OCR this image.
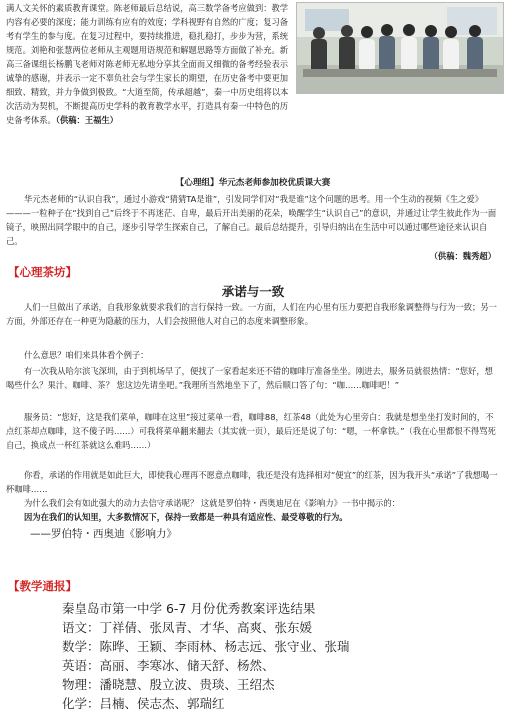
满人文关怀的素质教育课堂。陈老师最后总结说，高三数学备考应做到：教学内容有必要的深度；能力训练有应有的效度；学科视野有自然的广度；复习备考有学生的参与度。在复习过程中，要持续推进，稳扎稳打，步步为营，系统规范。刘艳和张慧两位老师从主观题用语规范和解题思路等方面做了补充。新高三备课组长杨鹏飞老师对陈老师无私地分享其全面而又细微的备考经验表示诚挚的感谢，并表示一定不辜负社会与学生家长的期望，在历史备考中要更加细致、精致，并力争做到极致。“大道至简，传承超越”，秦一中历史组将以本次活动为契机，不断提高历史学科的教育教学水平，打造具有秦一中特色的历史备考体系。（供稿：王福生）

【心理组】华元杰老师参加校优质课大赛

华元杰老师的“认识自我”，通过小游戏“猜猜TA是谁”，引发同学们对“我是谁”这个问题的思考。用一个生动的视频《生之爱》———一粒种子在“找到自己”后终于不再迷茫、自卑，最后开出美丽的花朵，唤醒学生“认识自己”的意识，并通过让学生彼此作为一面镜子，映照出同学眼中的自己，逐步引导学生探索自己，了解自己。最后总结提升，引导归纳出在生活中可以通过哪些途径来认识自己。

（供稿：魏秀超）
【心理茶坊】
承诺与一致

人们一旦做出了承诺，自我形象就要求我们的言行保持一致。一方面，人们在内心里有压力要把自我形象调整得与行为一致；另一方面，外部还存在一种更为隐蔽的压力，人们会按照他人对自己的态度来调整形象。

什么意思？咱们来具体看个例子：

有一次我从哈尔滨飞深圳，由于到机场早了，便找了一家看起来还不错的咖啡厅准备坐坐。刚进去，服务员就很热情：“您好，想喝些什么？果汁、咖啡、茶？ 您这边先请坐吧。”我理所当然地坐下了，然后顺口答了句：“咖……咖啡吧！”

服务员：“您好，这是我们菜单，咖啡在这里”接过菜单一看，咖啡88，红茶48（此处为心里旁白：我就是想坐坐打发时间的，不点红茶却点咖啡，这不傻子吗……）可我将菜单翻来翻去（其实就一页），最后还是说了句：“嗯，一杯拿铁。”（我在心里都恨不得骂死自己，换成点一杯红茶就这么难吗……）

你看，承诺的作用就是如此巨大，即使我心理再不愿意点咖啡，我还是没有选择相对“便宜”的红茶，因为我开头“承诺”了我想喝一杯咖啡……

为什么我们会有如此强大的动力去信守承诺呢？ 这就是罗伯特・西奥迪尼在《影响力》一书中揭示的：

因为在我们的认知里，大多数情况下，保持一致都是一种具有适应性、最受尊敬的行为。

——罗伯特・西奥迪《影响力》
【教学通报】
秦皇岛市第一中学 6-7 月份优秀教案评选结果
语文：丁祥倩、张凤青、才华、高爽、张东媛
数学：陈晔、王颖、李雨林、杨志远、张守业、张瑞
英语：高丽、李寒冰、储天舒、杨然、
物理：潘晓慧、殷立波、贵琰、王绍杰
化学：吕楠、侯志杰、郭瑞红
